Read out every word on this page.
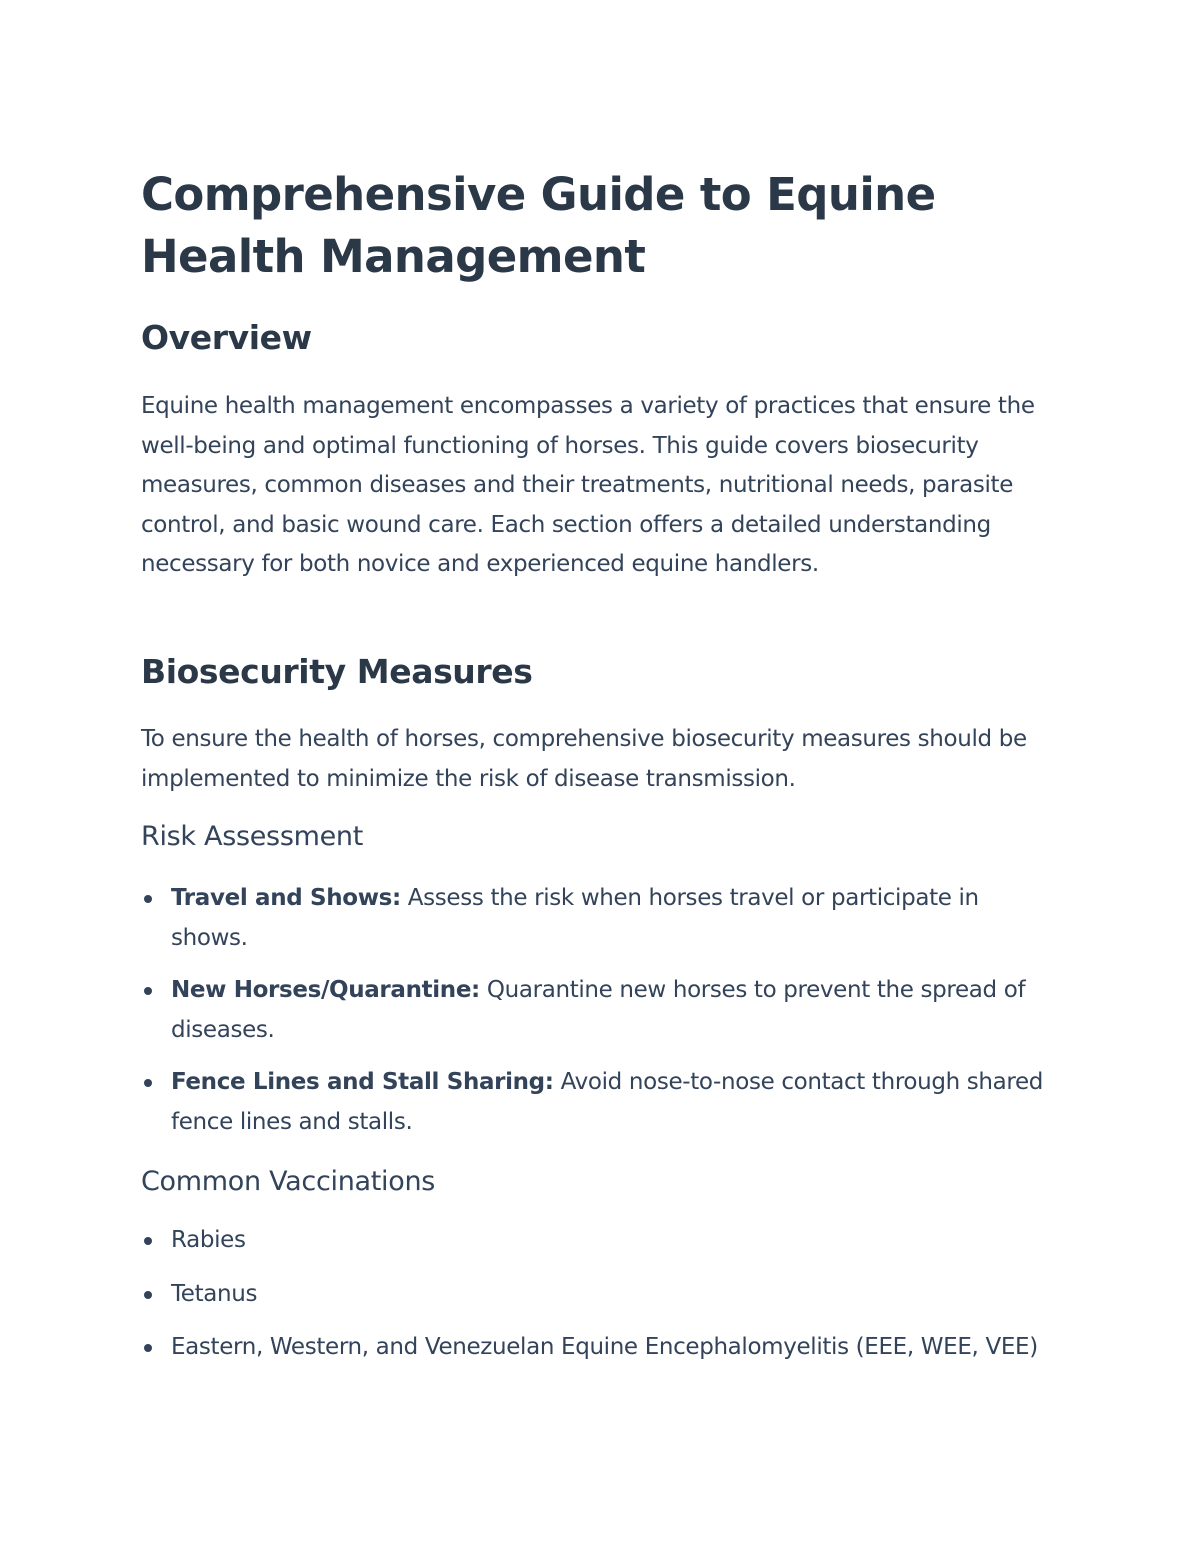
Comprehensive Guide to Equine Health Management
Overview

Equine health management encompasses a variety of practices that ensure the well-being and optimal functioning of horses. This guide covers biosecurity measures, common diseases and their treatments, nutritional needs, parasite control, and basic wound care. Each section offers a detailed understanding necessary for both novice and experienced equine handlers.

Biosecurity Measures

To ensure the health of horses, comprehensive biosecurity measures should be implemented to minimize the risk of disease transmission.

Risk Assessment
Travel and Shows: Assess the risk when horses travel or participate in shows.
New Horses/Quarantine: Quarantine new horses to prevent the spread of diseases.
Fence Lines and Stall Sharing: Avoid nose-to-nose contact through shared fence lines and stalls.
Common Vaccinations
Rabies
Tetanus
Eastern, Western, and Venezuelan Equine Encephalomyelitis (EEE, WEE, VEE)
